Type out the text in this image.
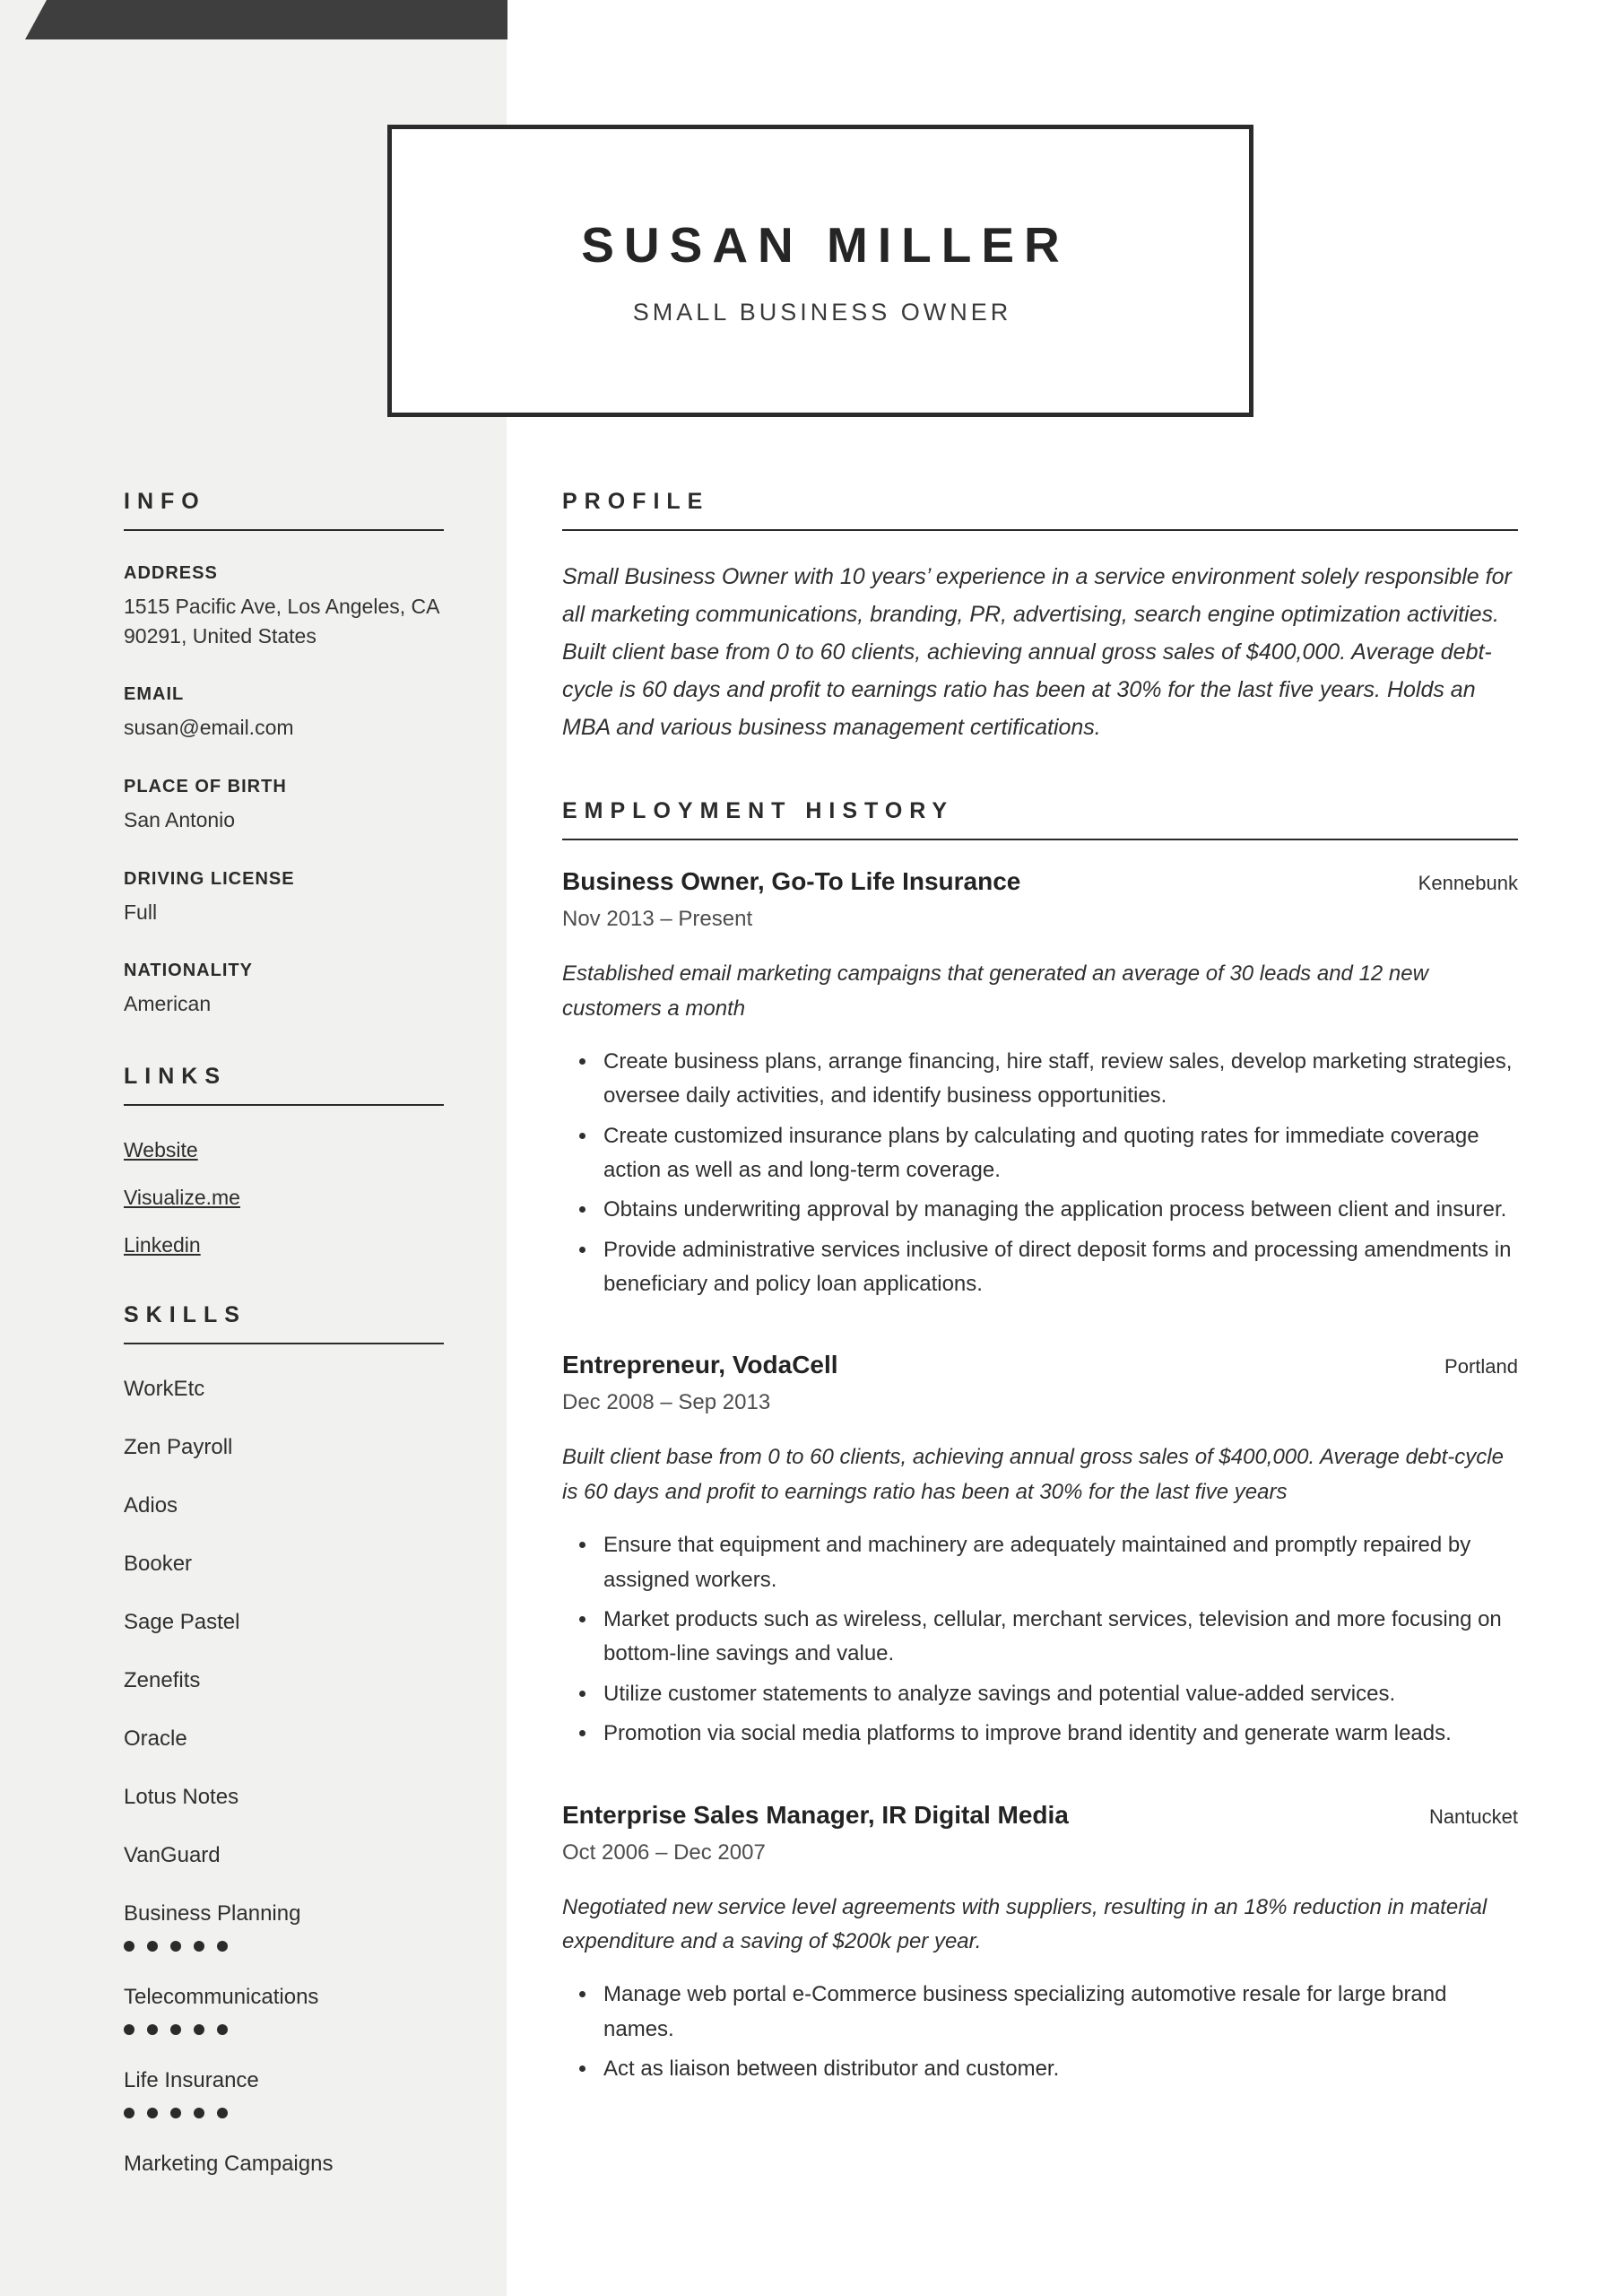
INFO
ADDRESS
1515 Pacific Ave, Los Angeles, CA 90291, United States
EMAIL
susan@email.com
PLACE OF BIRTH
San Antonio
DRIVING LICENSE
Full
NATIONALITY
American
LINKS
Website
Visualize.me
Linkedin
SKILLS
WorkEtc
Zen Payroll
Adios
Booker
Sage Pastel
Zenefits
Oracle
Lotus Notes
VanGuard
Business Planning
Telecommunications
Life Insurance
Marketing Campaigns
SUSAN MILLER
SMALL BUSINESS OWNER
PROFILE

Small Business Owner with 10 years’ experience in a service environment solely responsible for all marketing communications, branding, PR, advertising, search engine optimization activities. Built client base from 0 to 60 clients, achieving annual gross sales of $400,000. Average debt-cycle is 60 days and profit to earnings ratio has been at 30% for the last five years. Holds an MBA and various business management certifications.

EMPLOYMENT HISTORY
Business Owner, Go-To Life Insurance	Kennebunk
Nov 2013 – Present

Established email marketing campaigns that generated an average of 30 leads and 12 new customers a month

• Create business plans, arrange financing, hire staff, review sales, develop marketing strategies, oversee daily activities, and identify business opportunities.
• Create customized insurance plans by calculating and quoting rates for immediate coverage action as well as and long-term coverage.
• Obtains underwriting approval by managing the application process between client and insurer.
• Provide administrative services inclusive of direct deposit forms and processing amendments in beneficiary and policy loan applications.
Entrepreneur, VodaCell	Portland
Dec 2008 – Sep 2013

Built client base from 0 to 60 clients, achieving annual gross sales of $400,000. Average debt-cycle is 60 days and profit to earnings ratio has been at 30% for the last five years

• Ensure that equipment and machinery are adequately maintained and promptly repaired by assigned workers.
• Market products such as wireless, cellular, merchant services, television and more focusing on bottom-line savings and value.
• Utilize customer statements to analyze savings and potential value-added services.
• Promotion via social media platforms to improve brand identity and generate warm leads.
Enterprise Sales Manager, IR Digital Media	Nantucket
Oct 2006 – Dec 2007

Negotiated new service level agreements with suppliers, resulting in an 18% reduction in material expenditure and a saving of $200k per year.

• Manage web portal e-Commerce business specializing automotive resale for large brand names.
• Act as liaison between distributor and customer.
